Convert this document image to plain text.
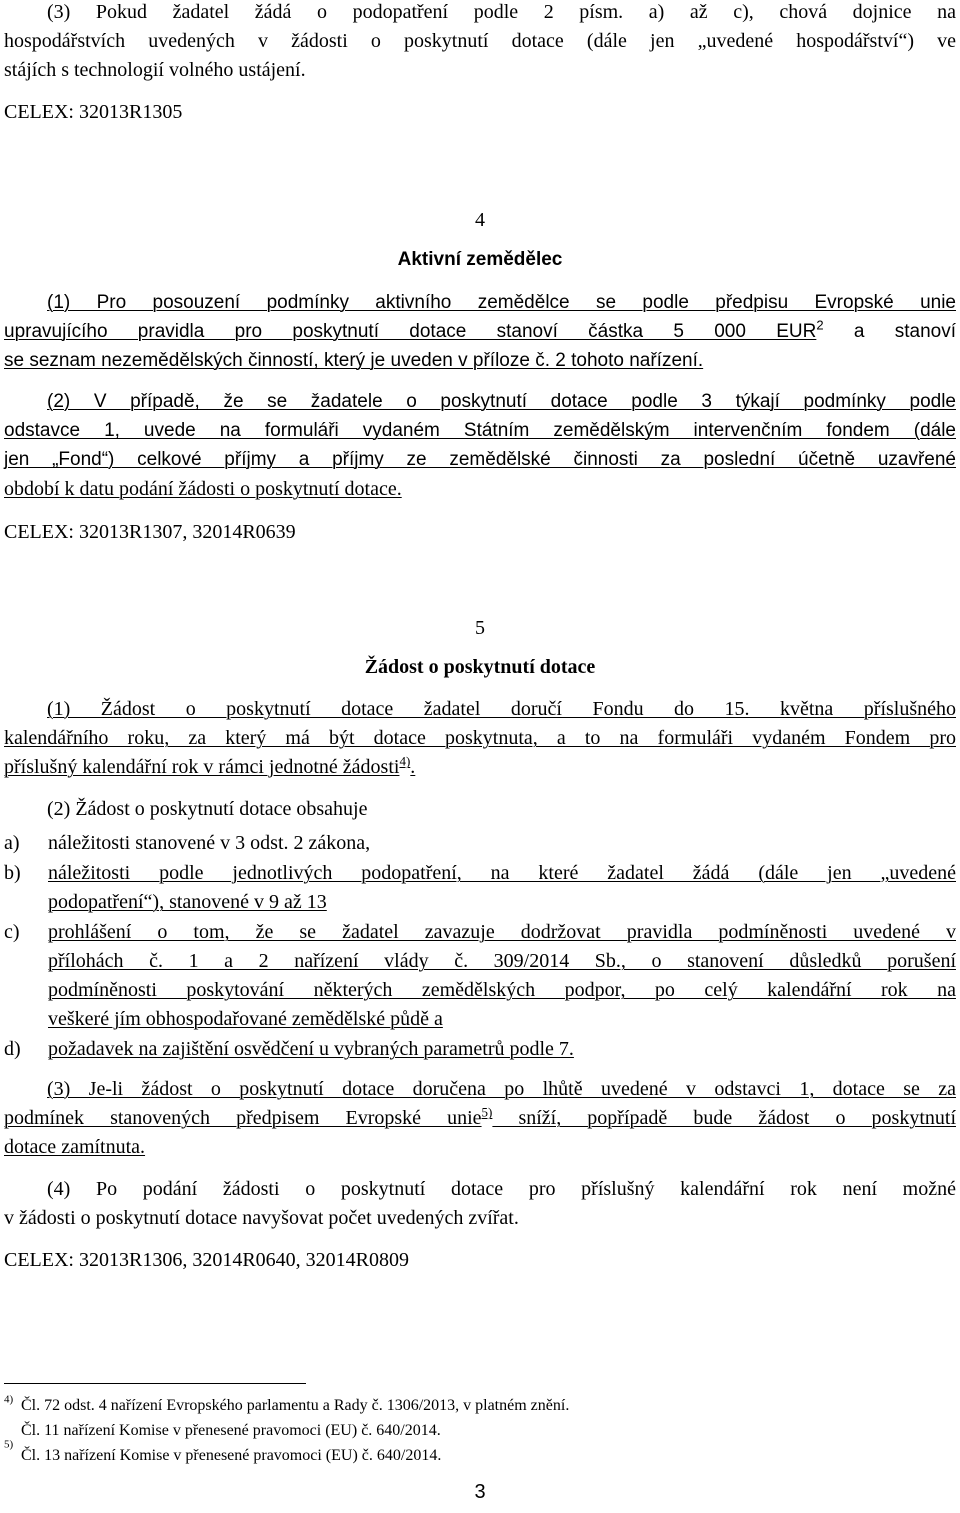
(3) Pokud žadatel žádá o podopatření podle 2 písm. a) až c), chová dojnice na
hospodářstvích uvedených v žádosti o poskytnutí dotace (dále jen „uvedené hospodářství“) ve
stájích s technologií volného ustájení.
CELEX: 32013R1305
4
Aktivní zemědělec
(1) Pro posouzení podmínky aktivního zemědělce se podle předpisu Evropské unie
upravujícího pravidla pro poskytnutí dotace stanoví částka 5 000 EUR$^2$ a stanoví
se seznam nezemědělských činností, který je uveden v příloze č. 2 tohoto nařízení.
(2) V případě, že se žadatele o poskytnutí dotace podle 3 týkají podmínky podle
odstavce 1, uvede na formuláři vydaném Státním zemědělským intervenčním fondem (dále
jen „Fond“) celkové příjmy a příjmy ze zemědělské činnosti za poslední účetně uzavřené
období k datu podání žádosti o poskytnutí dotace.
CELEX: 32013R1307, 32014R0639
5
Žádost o poskytnutí dotace
(1) Žádost o poskytnutí dotace žadatel doručí Fondu do 15. května příslušného
kalendářního roku, za který má být dotace poskytnuta, a to na formuláři vydaném Fondem pro
příslušný kalendářní rok v rámci jednotné žádosti$^{4)}$.
(2) Žádost o poskytnutí dotace obsahuje
a) náležitosti stanovené v 3 odst. 2 zákona,
b) náležitosti podle jednotlivých podopatření, na které žadatel žádá (dále jen „uvedené
podopatření“), stanovené v 9 až 13
c) prohlášení o tom, že se žadatel zavazuje dodržovat pravidla podmíněnosti uvedené v
přílohách č. 1 a 2 nařízení vlády č. 309/2014 Sb., o stanovení důsledků porušení
podmíněnosti poskytování některých zemědělských podpor, po celý kalendářní rok na
veškeré jím obhospodařované zemědělské půdě a
d) požadavek na zajištění osvědčení u vybraných parametrů podle 7.
(3) Je-li žádost o poskytnutí dotace doručena po lhůtě uvedené v odstavci 1, dotace se za
podmínek stanovených předpisem Evropské unie$^{5)}$ sníží, popřípadě bude žádost o poskytnutí
dotace zamítnuta.
(4) Po podání žádosti o poskytnutí dotace pro příslušný kalendářní rok není možné
v žádosti o poskytnutí dotace navyšovat počet uvedených zvířat.
CELEX: 32013R1306, 32014R0640, 32014R0809
$^{4)}$ Čl. 72 odst. 4 nařízení Evropského parlamentu a Rady č. 1306/2013, v platném znění.
Čl. 11 nařízení Komise v přenesené pravomoci (EU) č. 640/2014.
$^{5)}$
Čl. 13 nařízení Komise v přenesené pravomoci (EU) č. 640/2014.
3
